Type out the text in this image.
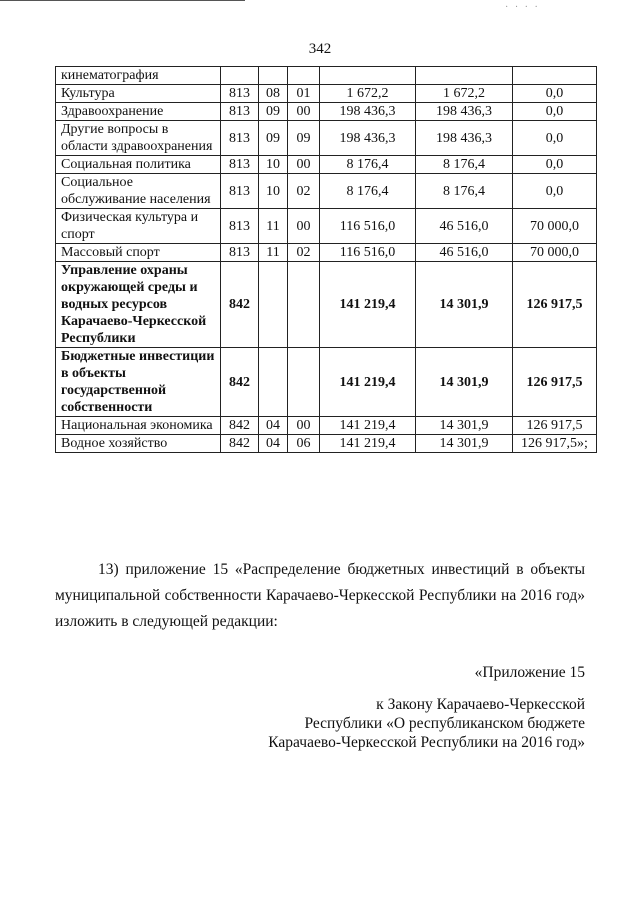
· · · ·
342
кинематография						
Культура	813	08	01	1 672,2	1 672,2	0,0
Здравоохранение	813	09	00	198 436,3	198 436,3	0,0
Другие вопросы в области здравоохранения	813	09	09	198 436,3	198 436,3	0,0
Социальная политика	813	10	00	8 176,4	8 176,4	0,0
Социальное обслуживание населения	813	10	02	8 176,4	8 176,4	0,0
Физическая культура и спорт	813	11	00	116 516,0	46 516,0	70 000,0
Массовый спорт	813	11	02	116 516,0	46 516,0	70 000,0
Управление охраны окружающей среды и водных ресурсов Карачаево-Черкесской Республики	842			141 219,4	14 301,9	126 917,5
Бюджетные инвестиции в объекты государственной собственности	842			141 219,4	14 301,9	126 917,5
Национальная экономика	842	04	00	141 219,4	14 301,9	126 917,5
Водное хозяйство	842	04	06	141 219,4	14 301,9	126 917,5»;
13) приложение 15 «Распределение бюджетных инвестиций в объекты муниципальной собственности Карачаево-Черкесской Республики на 2016 год» изложить в следующей редакции:
«Приложение 15
к Закону Карачаево-Черкесской
Республики «О республиканском бюджете
Карачаево-Черкесской Республики на 2016 год»
